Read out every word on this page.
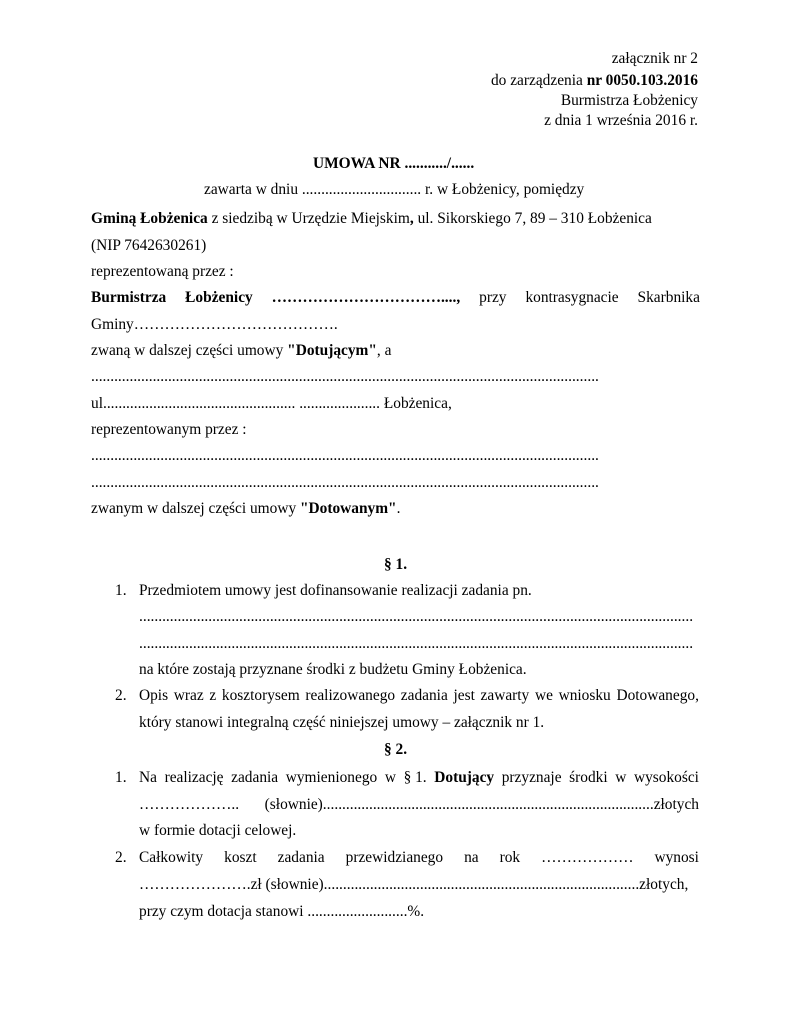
załącznik nr 2
do zarządzenia nr 0050.103.2016
Burmistrza Łobżenicy
z dnia 1 września 2016 r.
UMOWA NR .........../......
zawarta w dniu ............................... r. w Łobżenicy, pomiędzy
Gminą Łobżenica z siedzibą w Urzędzie Miejskim, ul. Sikorskiego 7, 89 – 310 Łobżenica
(NIP 7642630261)
reprezentowaną przez :
Burmistrza Łobżenicy ……………………………...., przy kontrasygnacie Skarbnika
Gminy………………………………….
zwaną w dalszej części umowy "Dotującym", a
....................................................................................................................................
ul.................................................. ..................... Łobżenica,
reprezentowanym przez :
....................................................................................................................................
....................................................................................................................................
zwanym w dalszej części umowy "Dotowanym".
§ 1.
1. Przedmiotem umowy jest dofinansowanie realizacji zadania pn.
................................................................................................................................................
................................................................................................................................................
na które zostają przyznane środki z budżetu Gminy Łobżenica.
2. Opis wraz z kosztorysem realizowanego zadania jest zawarty we wniosku Dotowanego,
który stanowi integralną część niniejszej umowy – załącznik nr 1.
§ 2.
1. Na realizację zadania wymienionego w § 1. Dotujący przyznaje środki w wysokości
……………….. (słownie)......................................................................................złotych
w formie dotacji celowej.
2. Całkowity koszt zadania przewidzianego na rok ……………… wynosi
………………….zł (słownie)..................................................................................złotych,
przy czym dotacja stanowi ..........................%.
